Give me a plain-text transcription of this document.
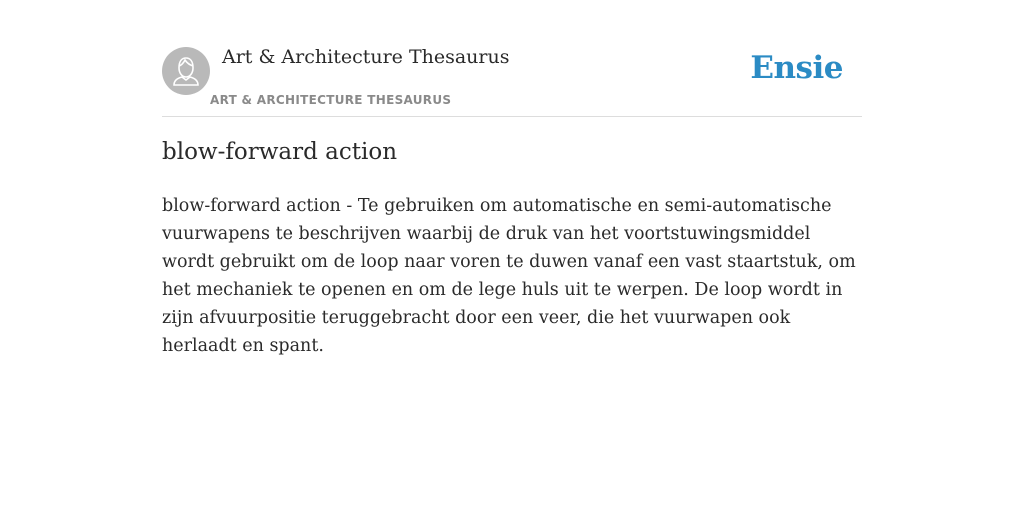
Art & Architecture Thesaurus
ART & ARCHITECTURE THESAURUS
Ensie
blow-forward action

blow-forward action - Te gebruiken om automatische en semi-automatische vuurwapens te beschrijven waarbij de druk van het voortstuwingsmiddel wordt gebruikt om de loop naar voren te duwen vanaf een vast staartstuk, om het mechaniek te openen en om de lege huls uit te werpen. De loop wordt in zijn afvuurpositie teruggebracht door een veer, die het vuurwapen ook herlaadt en spant.
